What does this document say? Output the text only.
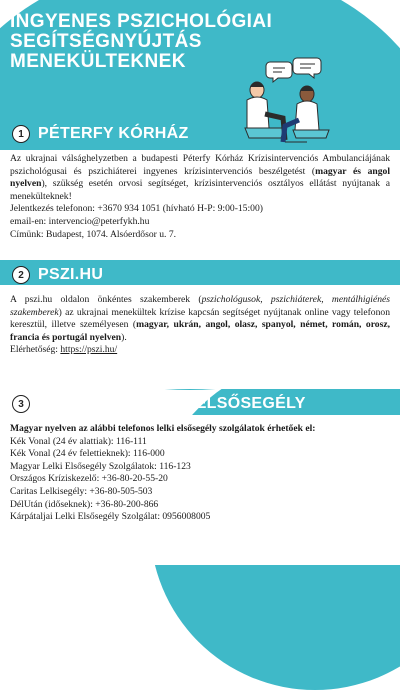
INGYENES PSZICHOLÓGIAI
SEGÍTSÉGNYÚJTÁS
MENEKÜLTEKNEK
1 PÉTERFY KÓRHÁZ
Az ukrajnai válsághelyzetben a budapesti Péterfy Kórház Krízisintervenciós Ambulanciájának pszichológusai és pszichiáterei ingyenes krízisintervenciós beszélgetést (magyar és angol nyelven), szükség esetén orvosi segítséget, krízisintervenciós osztályos ellátást nyújtanak a menekülteknek!
Jelentkezés telefonon: +3670 934 1051 (hívható H-P: 9:00-15:00)
email-en: intervencio@peterfykh.hu
Címünk: Budapest, 1074. Alsóerdősor u. 7.
2 PSZI.HU
A pszi.hu oldalon önkéntes szakemberek (pszichológusok, pszichiáterek, mentálhigiénés szakemberek) az ukrajnai menekültek krízise kapcsán segítséget nyújtanak online vagy telefonon keresztül, illetve személyesen (magyar, ukrán, angol, olasz, spanyol, német, román, orosz, francia és portugál nyelven).
Elérhetőség: https://pszi.hu/
3 TELEFONOS LELKI ELSŐSEGÉLY
Magyar nyelven az alábbi telefonos lelki elsősegély szolgálatok érhetőek el:
Kék Vonal (24 év alattiak): 116-111
Kék Vonal (24 év felettieknek): 116-000
Magyar Lelki Elsősegély Szolgálatok: 116-123
Országos Kríziskezelő: +36-80-20-55-20
Caritas Lelkisegély: +36-80-505-503
DélUtán (időseknek): +36-80-200-866
Kárpátaljai Lelki Elsősegély Szolgálat: 0956008005
